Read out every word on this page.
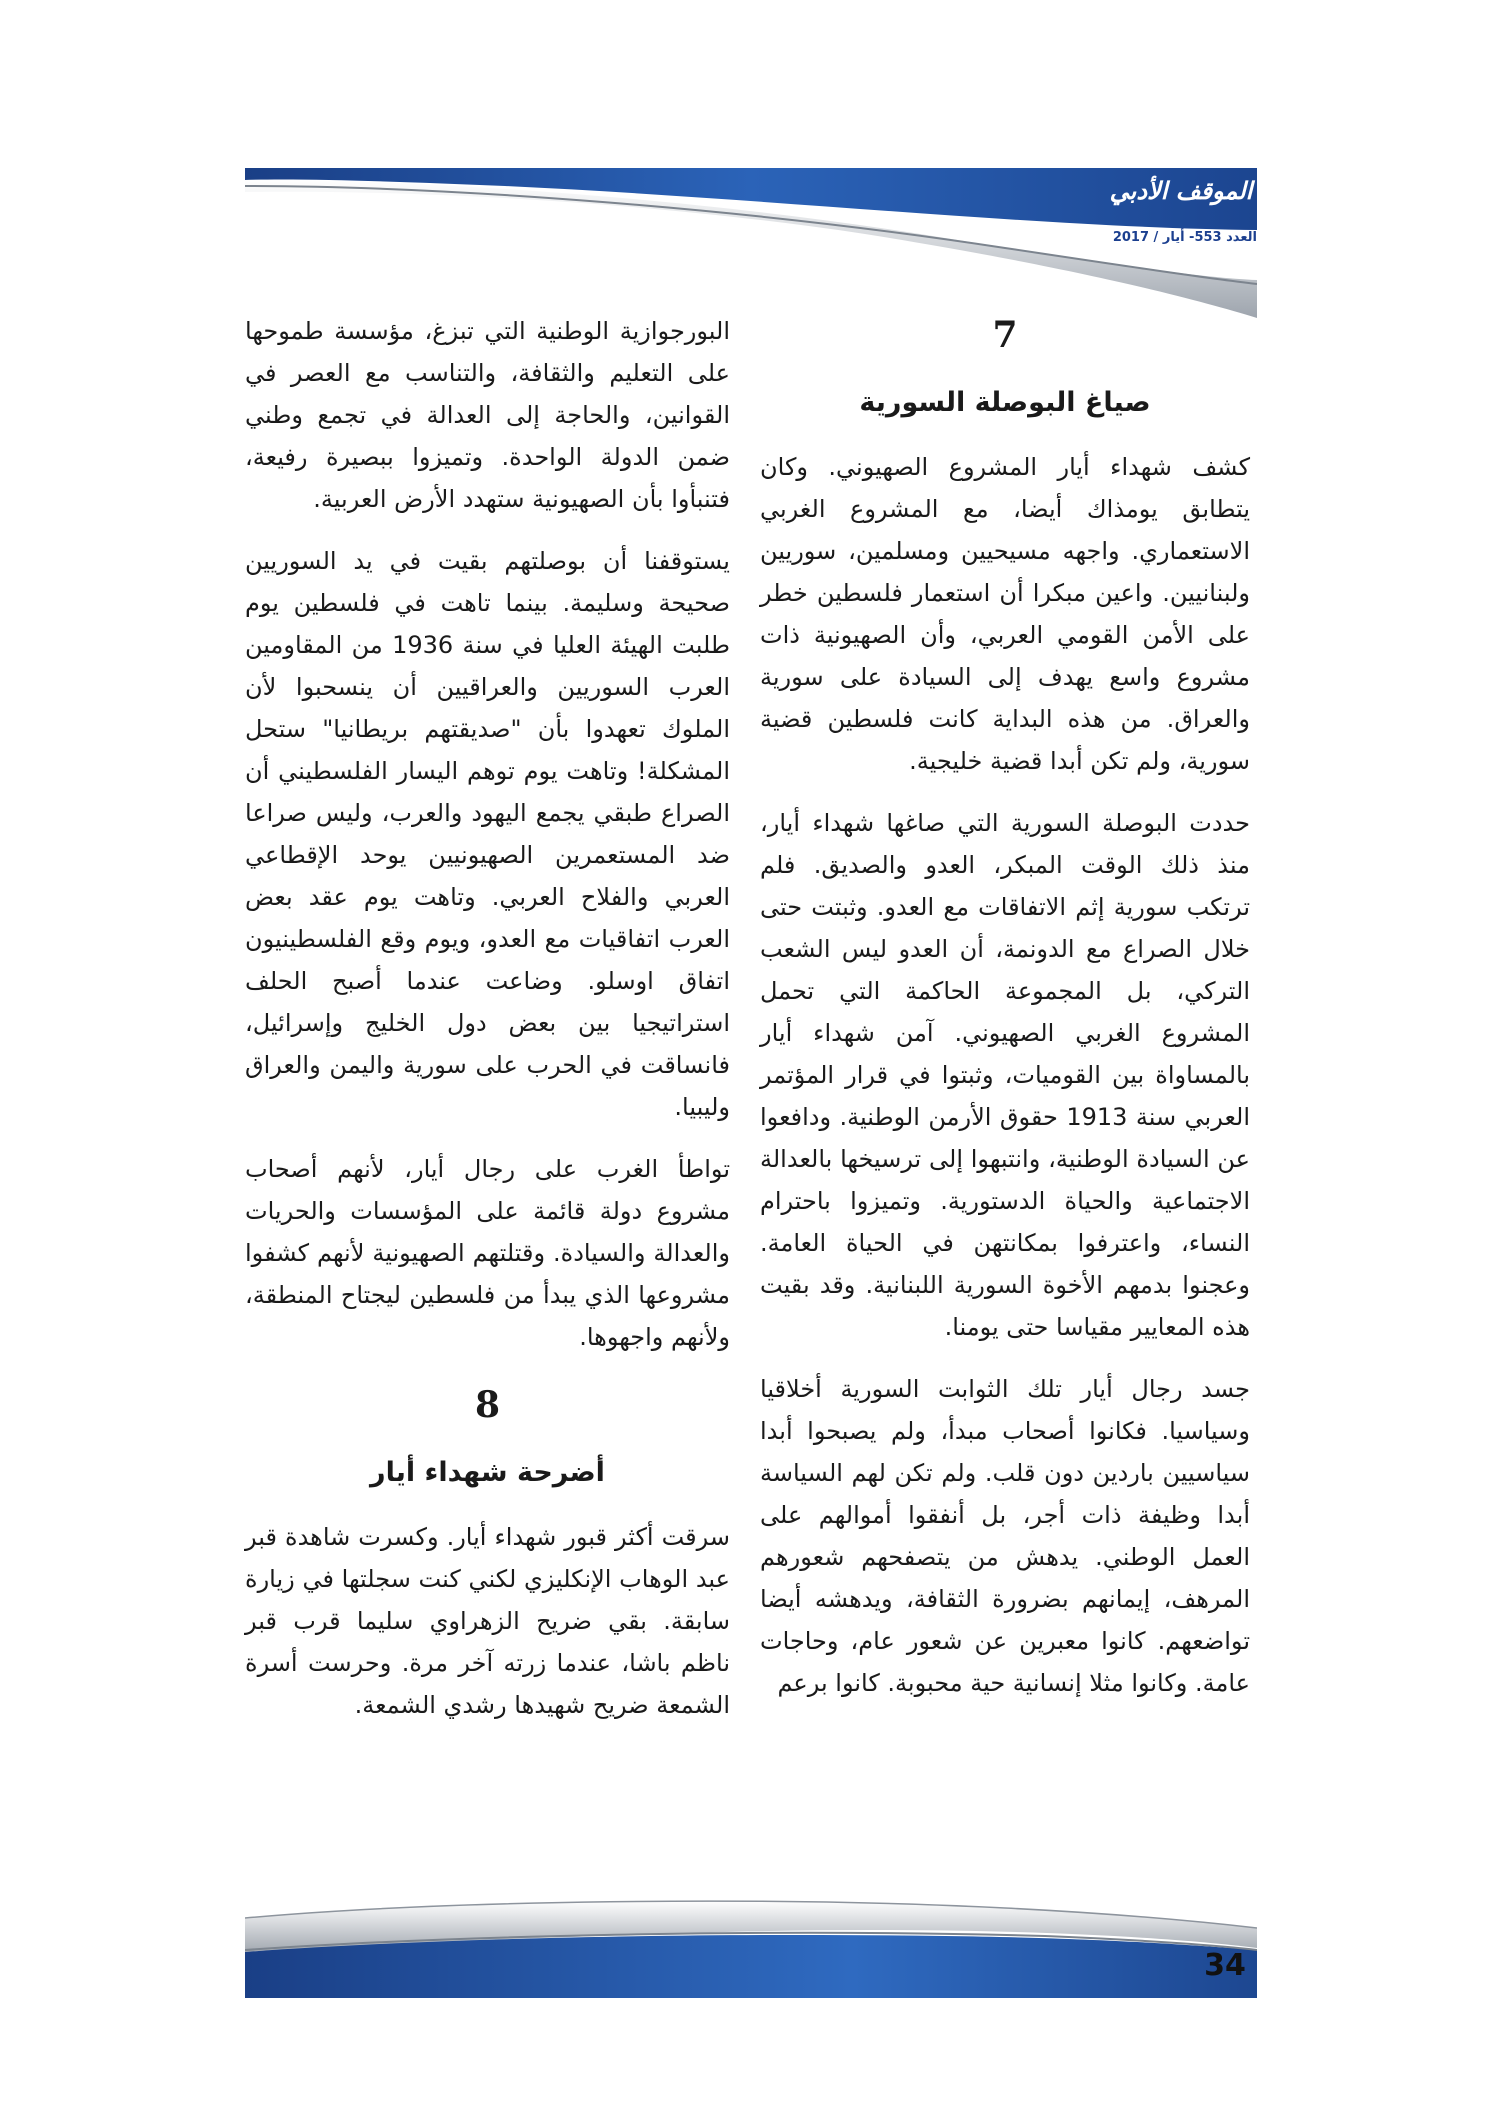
الموقف الأدبي
العدد 553- أيار / 2017

7

صياغ البوصلة السورية

كشف شهداء أيار المشروع الصهيوني. وكان يتطابق يومذاك أيضا، مع المشروع الغربي الاستعماري. واجهه مسيحيين ومسلمين، سوريين ولبنانيين. واعين مبكرا أن استعمار فلسطين خطر على الأمن القومي العربي، وأن الصهيونية ذات مشروع واسع يهدف إلى السيادة على سورية والعراق. من هذه البداية كانت فلسطين قضية سورية، ولم تكن أبدا قضية خليجية.

حددت البوصلة السورية التي صاغها شهداء أيار، منذ ذلك الوقت المبكر، العدو والصديق. فلم ترتكب سورية إثم الاتفاقات مع العدو. وثبتت حتى خلال الصراع مع الدونمة، أن العدو ليس الشعب التركي، بل المجموعة الحاكمة التي تحمل المشروع الغربي الصهيوني. آمن شهداء أيار بالمساواة بين القوميات، وثبتوا في قرار المؤتمر العربي سنة 1913 حقوق الأرمن الوطنية. ودافعوا عن السيادة الوطنية، وانتبهوا إلى ترسيخها بالعدالة الاجتماعية والحياة الدستورية. وتميزوا باحترام النساء، واعترفوا بمكانتهن في الحياة العامة. وعجنوا بدمهم الأخوة السورية اللبنانية. وقد بقيت هذه المعايير مقياسا حتى يومنا.

جسد رجال أيار تلك الثوابت السورية أخلاقيا وسياسيا. فكانوا أصحاب مبدأ، ولم يصبحوا أبدا سياسيين باردين دون قلب. ولم تكن لهم السياسة أبدا وظيفة ذات أجر، بل أنفقوا أموالهم على العمل الوطني. يدهش من يتصفحهم شعورهم المرهف، إيمانهم بضرورة الثقافة، ويدهشه أيضا تواضعهم. كانوا معبرين عن شعور عام، وحاجات عامة. وكانوا مثلا إنسانية حية محبوبة. كانوا برعم

البورجوازية الوطنية التي تبزغ، مؤسسة طموحها على التعليم والثقافة، والتناسب مع العصر في القوانين، والحاجة إلى العدالة في تجمع وطني ضمن الدولة الواحدة. وتميزوا ببصيرة رفيعة، فتنبأوا بأن الصهيونية ستهدد الأرض العربية.

يستوقفنا أن بوصلتهم بقيت في يد السوريين صحيحة وسليمة. بينما تاهت في فلسطين يوم طلبت الهيئة العليا في سنة 1936 من المقاومين العرب السوريين والعراقيين أن ينسحبوا لأن الملوك تعهدوا بأن "صديقتهم بريطانيا" ستحل المشكلة! وتاهت يوم توهم اليسار الفلسطيني أن الصراع طبقي يجمع اليهود والعرب، وليس صراعا ضد المستعمرين الصهيونيين يوحد الإقطاعي العربي والفلاح العربي. وتاهت يوم عقد بعض العرب اتفاقيات مع العدو، ويوم وقع الفلسطينيون اتفاق اوسلو. وضاعت عندما أصبح الحلف استراتيجيا بين بعض دول الخليج وإسرائيل، فانساقت في الحرب على سورية واليمن والعراق وليبيا.

تواطأ الغرب على رجال أيار، لأنهم أصحاب مشروع دولة قائمة على المؤسسات والحريات والعدالة والسيادة. وقتلتهم الصهيونية لأنهم كشفوا مشروعها الذي يبدأ من فلسطين ليجتاح المنطقة، ولأنهم واجهوها.

8

أضرحة شهداء أيار

سرقت أكثر قبور شهداء أيار. وكسرت شاهدة قبر عبد الوهاب الإنكليزي لكني كنت سجلتها في زيارة سابقة. بقي ضريح الزهراوي سليما قرب قبر ناظم باشا، عندما زرته آخر مرة. وحرست أسرة الشمعة ضريح شهيدها رشدي الشمعة.

34
